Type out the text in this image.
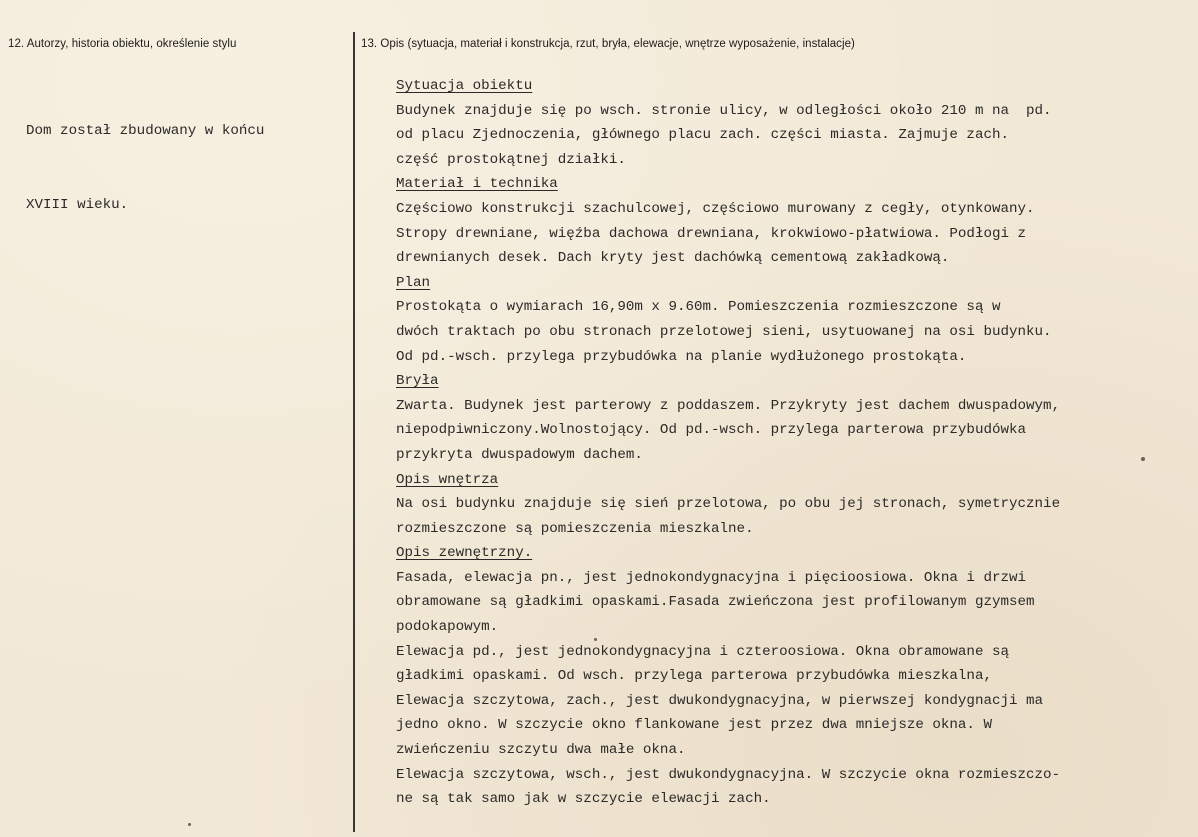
12. Autorzy, historia obiektu, określenie stylu

Dom został zbudowany w końcu

XVIII wieku.

13. Opis (sytuacja, materiał i konstrukcja, rzut, bryła, elewacje, wnętrze wyposażenie, instalacje)
Sytuacja obiektu
Budynek znajduje się po wsch. stronie ulicy, w odległości około 210 m na  pd.
od placu Zjednoczenia, głównego placu zach. części miasta. Zajmuje zach.
część prostokątnej działki.
Materiał i technika
Częściowo konstrukcji szachulcowej, częściowo murowany z cegły, otynkowany.
Stropy drewniane, więźba dachowa drewniana, krokwiowo-płatwiowa. Podłogi z
drewnianych desek. Dach kryty jest dachówką cementową zakładkową.
Plan
Prostokąta o wymiarach 16,90m x 9.60m. Pomieszczenia rozmieszczone są w
dwóch traktach po obu stronach przelotowej sieni, usytuowanej na osi budynku.
Od pd.-wsch. przylega przybudówka na planie wydłużonego prostokąta.
Bryła
Zwarta. Budynek jest parterowy z poddaszem. Przykryty jest dachem dwuspadowym,
niepodpiwniczony.Wolnostojący. Od pd.-wsch. przylega parterowa przybudówka
przykryta dwuspadowym dachem.
Opis wnętrza
Na osi budynku znajduje się sień przelotowa, po obu jej stronach, symetrycznie
rozmieszczone są pomieszczenia mieszkalne.
Opis zewnętrzny.
Fasada, elewacja pn., jest jednokondygnacyjna i pięcioosiowa. Okna i drzwi
obramowane są gładkimi opaskami.Fasada zwieńczona jest profilowanym gzymsem
podokapowym.
Elewacja pd., jest jednokondygnacyjna i czteroosiowa. Okna obramowane są
gładkimi opaskami. Od wsch. przylega parterowa przybudówka mieszkalna,
Elewacja szczytowa, zach., jest dwukondygnacyjna, w pierwszej kondygnacji ma
jedno okno. W szczycie okno flankowane jest przez dwa mniejsze okna. W
zwieńczeniu szczytu dwa małe okna.
Elewacja szczytowa, wsch., jest dwukondygnacyjna. W szczycie okna rozmieszczo-
ne są tak samo jak w szczycie elewacji zach.
